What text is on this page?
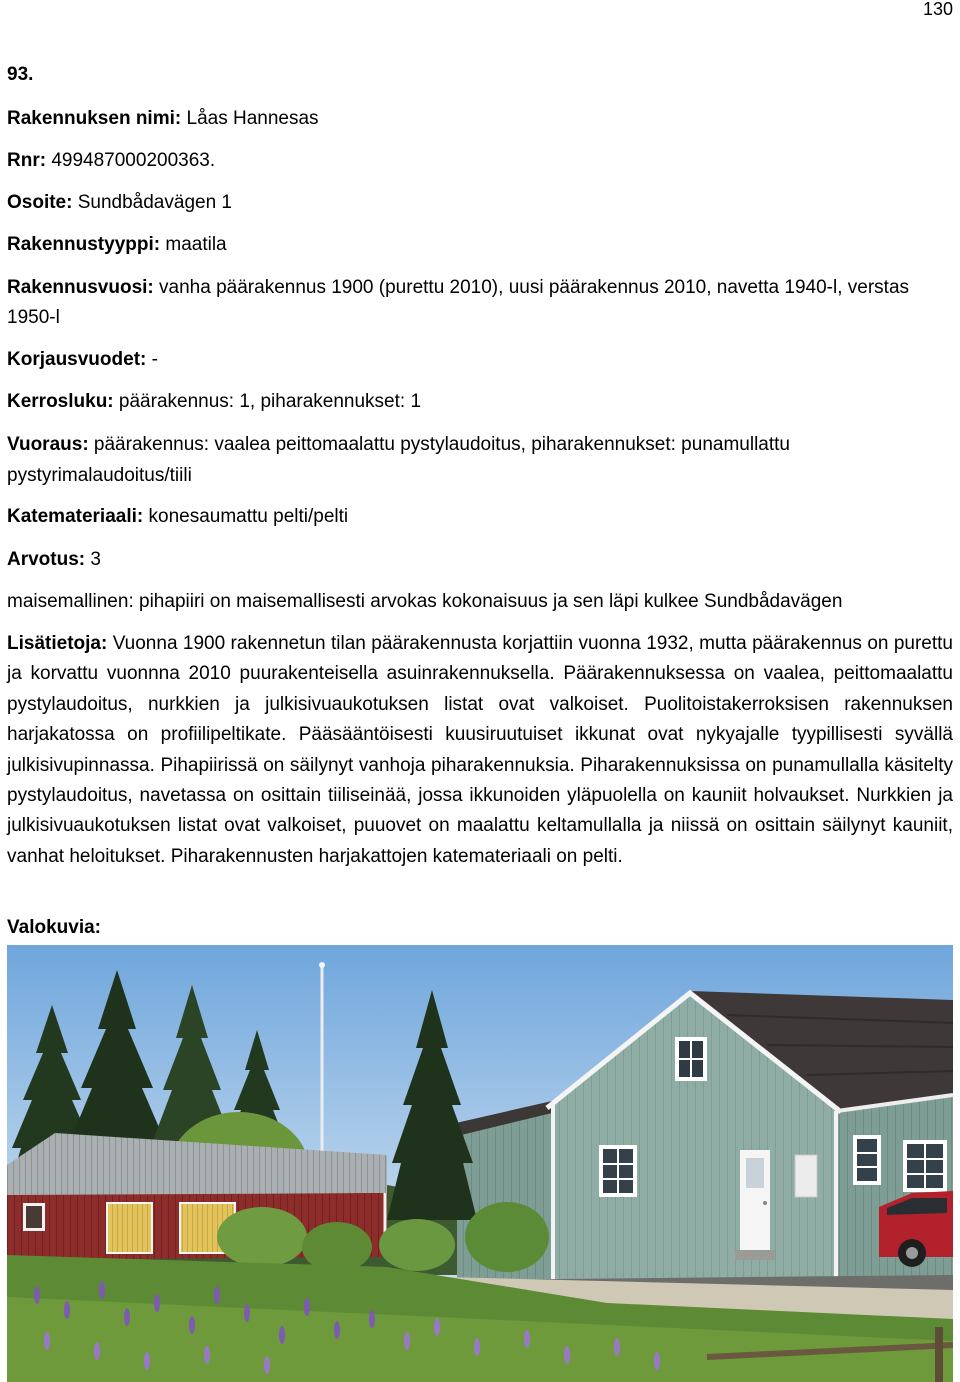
130
93.
Rakennuksen nimi: Låas Hannesas
Rnr: 499487000200363.
Osoite: Sundbådavägen 1
Rakennustyyppi: maatila
Rakennusvuosi: vanha päärakennus 1900 (purettu 2010), uusi päärakennus 2010, navetta 1940-l, verstas 1950-l
Korjausvuodet: -
Kerrosluku: päärakennus: 1, piharakennukset: 1
Vuoraus: päärakennus: vaalea peittomaalattu pystylaudoitus, piharakennukset: punamullattu pystyrimalaudoitus/tiili
Katemateriaali: konesaumattu pelti/pelti
Arvotus: 3
maisemallinen: pihapiiri on maisemallisesti arvokas kokonaisuus ja sen läpi kulkee Sundbådavägen

Lisätietoja: Vuonna 1900 rakennetun tilan päärakennusta korjattiin vuonna 1932, mutta päärakennus on purettu ja korvattu vuonnna 2010 puurakenteisella asuinrakennuksella. Päärakennuksessa on vaalea, peittomaalattu pystylaudoitus, nurkkien ja julkisivuaukotuksen listat ovat valkoiset. Puolitoistakerroksisen rakennuksen harjakatossa on profiilipeltikate. Pääsääntöisesti kuusiruutuiset ikkunat ovat nykyajalle tyypillisesti syvällä julkisivupinnassa. Pihapiirissä on säilynyt vanhoja piharakennuksia. Piharakennuksissa on punamullalla käsitelty pystylaudoitus, navetassa on osittain tiiliseinää, jossa ikkunoiden yläpuolella on kauniit holvaukset. Nurkkien ja julkisivuaukotuksen listat ovat valkoiset, puuovet on maalattu keltamullalla ja niissä on osittain säilynyt kauniit, vanhat heloitukset. Piharakennusten harjakattojen katemateriaali on pelti.

Valokuvia:
